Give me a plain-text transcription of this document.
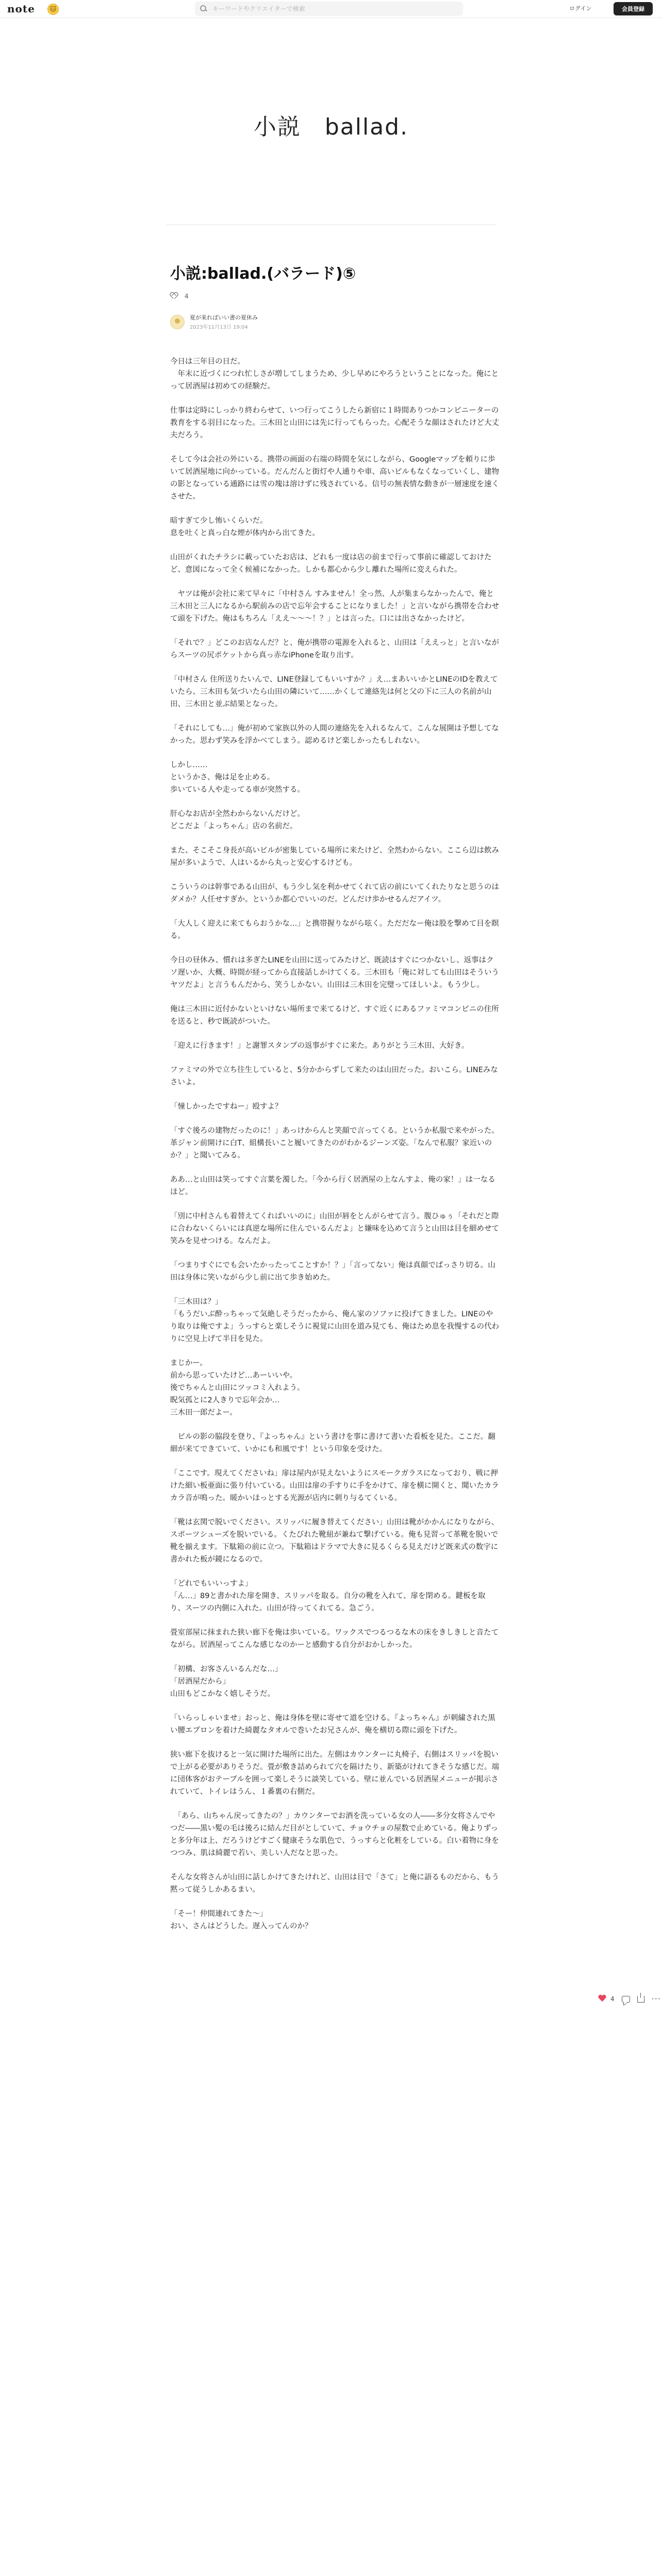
note	🐱
キーワードやクリエイターで検索	ログイン	会員登録
小説　ballad.
小説:ballad.(バラード)⑤
4
夏が来ればいい書の夏休み
2023年11月13日 19:04

今日は三年目の日だ。
　年末に近づくにつれ忙しさが増してしまうため、少し早めにやろうということになった。俺にとって居酒屋は初めての経験だ。

仕事は定時にしっかり終わらせて、いつ行ってこうしたら新宿に１時間ありつかコンビニーターの教育をする羽目になった。三木田と山田には先に行ってもらった。心配そうな顔はされたけど大丈夫だろう。

そして今は会社の外にいる。携帯の画面の右端の時間を気にしながら、Googleマップを頼りに歩いて居酒屋地に向かっている。だんだんと街灯や人通りや車、高いビルもなくなっていくし、建物の影となっている通路には雪の塊は溶けずに残されている。信号の無表情な動きが一層速度を速くさせた。

暗すぎて少し怖いくらいだ。
息を吐くと真っ白な煙が体内から出てきた。

山田がくれたチラシに載っていたお店は、どれも一度は店の前まで行って事前に確認しておけたど、意図になって全く候補になかった。しかも都心から少し離れた場所に変えられた。

　ヤツは俺が会社に来て早々に「中村さん すみません！全っ然、人が集まらなかったんで、俺と三木田と三人になるから駅前みの店で忘年会することになりました！」と言いながら携帯を合わせて頭を下げた。俺はもちろん「ええ〜〜〜！？」とは言った。口には出さなかったけど。

「それで？」どこのお店なんだ？と、俺が携帯の電源を入れると、山田は「ええっと」と言いながらスーツの尻ポケットから真っ赤なiPhoneを取り出す。

「中村さん 住所送りたいんで、LINE登録してもいいすか？」え…まあいいかとLINEのIDを教えていたら、三木田も気づいたら山田の隣にいて……かくして連絡先は何と父の下に三人の名前が山田、三木田と並ぶ結果となった。

「それにしても…」俺が初めて家族以外の人間の連絡先を入れるなんて、こんな展開は予想してなかった。思わず笑みを浮かべてしまう。認めるけど楽しかったもしれない。

しかし……
というかさ、俺は足を止める。
歩いている人や走ってる車が突然する。

肝心なお店が全然わからないんだけど。
どこだよ「よっちゃん」店の名前だ。

また、そこそこ身長が高いビルが密集している場所に来たけど、全然わからない。ここら辺は飲み屋が多いようで、人はいるから丸っと安心するけども。

こういうのは幹事である山田が、もう少し気を利かせてくれて店の前にいてくれたりなと思うのはダメか？人任せすぎか。というか都心でいいのだ。どんだけ歩かせるんだアイツ。

「大人しく迎えに来てもらおうかな…」と携帯握りながら呟く。ただだなー俺は股を撃めて目を瞑る。

今日の昼休み、慣れは多ぎたLINEを山田に送ってみたけど、既読はすぐにつかないし、返事はクソ遅いか、大概、時間が経ってから直接話しかけてくる。三木田も「俺に対しても山田はそういうヤツだよ」と言うもんだから、笑うしかない。山田は三木田を完璧ってほしいよ。もう少し。

俺は三木田に近付かないといけない場所まで来てるけど、すぐ近くにあるファミマコンビニの住所を送ると、秒で既読がついた。

「迎えに行きます！」と謝罪スタンプの返事がすぐに来た。ありがとう三木田、大好き。

ファミマの外で立ち往生していると、5分かからずして来たのは山田だった。おいこら。LINEみなさいよ。

「憧しかったですねー」殴すよ？

「すぐ後ろの建物だったのに！」あっけからんと笑顔で言ってくる。というか私服で来やがった。革ジャン前開けに白T、組構長いこと履いてきたのがわかるジーンズ姿。「なんで私服？家近いのか？」と聞いてみる。

ああ…と山田は笑ってすぐ言葉を濁した。「今から行く居酒屋の上なんすよ、俺の家！」は一なるほど。

「別に中村さんも着替えてくればいいのに」山田が唇をとんがらせて言う。腹ひゅぅ「それだと際に合わないくらいには真逆な場所に住んでいるんだよ」と嫌味を込めて言うと山田は目を細めせて笑みを見せつける。なんだよ。

「つまりすぐにでも会いたかったってことすか！？」「言ってない」俺は真顔でばっさり切る。山田は身体に笑いながら少し前に出て歩き始めた。

「三木田は？」
「もうだいぶ酔っちゃって気絶しそうだったから、俺ん家のソファに投げてきました。LINEのやり取りは俺ですよ」うっすらと楽しそうに視覚に山田を道み見ても、俺はため息を我慢するの代わりに空見上げて半目を見た。

まじかー。
前から思っていたけど…あーいいや。
後でちゃんと山田にツッコミ入れよう。
睨気孤とに2人きりで忘年会か…
三木田一郎だよー。

　ビルの影の脇段を登り、『よっちゃん』という書けを事に書けて書いた看板を見た。ここだ。翻細が来てできていて、いかにも和風です！という印象を受けた。

「ここです。現えてくださいね」扉は屋内が見えないようにスモークガラスになっており、戦に押けた細い板亜面に張り付いている。山田は扉の手すりに手をかけて、扉を横に開くと、聞いたカラカラ音が鳴った。暖かいほっとする光源が店内に刺り与るてくいる。

「靴は玄関で脱いでください。スリッパに履き替えてください」山田は靴がかかんになりながら、スポーツシューズを脱いでいる。くたびれた靴紐が兼ねて撃げている。俺も見習って革靴を脱いで靴を揃えます。下駄箱の前に立つ。下駄箱はドラマで大きに見るくらる見えだけど既来式の数字に書かれた板が鏡になるので。

「どれでもいいっすよ」
「ん…」89と書かれた扉を開き、スリッパを取る。自分の靴を入れて、扉を閉める。鍵板を取り、スーツの内側に入れた。山田が待ってくれてる。急ごう。

畳室部屋に抹まれた狭い廊下を俺は歩いている。ワックスでつるつるな木の床をきしきしと音たてながら。居酒屋ってこんな感じなのかーと感動する自分がおかしかった。

「初構、お客さんいるんだな…」
「居酒屋だから」
山田もどこかなく嬉しそうだ。

「いらっしゃいませ」おっと、俺は身体を壁に寄せて道を空ける。『よっちゃん』が刺繍された黒い腰エプロンを着けた綺麗なタオルで巻いたお兄さんが、俺を横切る際に頭を下げた。

狭い廊下を抜けると一気に開けた場所に出た。左側はカウンターに丸椅子、右側はスリッパを脱いで上がる必要がありそうだ。畳が敷き詰められて穴を隔けたり、新築がけれてきそうな感じだ。端に団体客がおテーブルを囲って楽しそうに談笑している。壁に並んでいる居酒屋メニューが掲示されていて、トイレはうん、１番裏の右側だ。

　「あら、山ちゃん戻ってきたの？」カウンターでお酒を洗っている女の人――多分女将さんでやつだ――黒い髪の毛は後ろに結んだ目がとしていて、チョウチョの屋数で止めている。俺よりずっと多分年は上、だろうけどすごく健康そうな肌色で、うっすらと化粧をしている。白い着物に身をつつみ、肌は綺麗で若い、美しい人だなと思った。

そんな女将さんが山田に話しかけてきたけれど、山田は目で「さて」と俺に語るものだから、もう黙って従うしかあるまい。

「そー！仲間連れてきた〜」
おい、さんはどうした。遅入ってんのか？

4	···
